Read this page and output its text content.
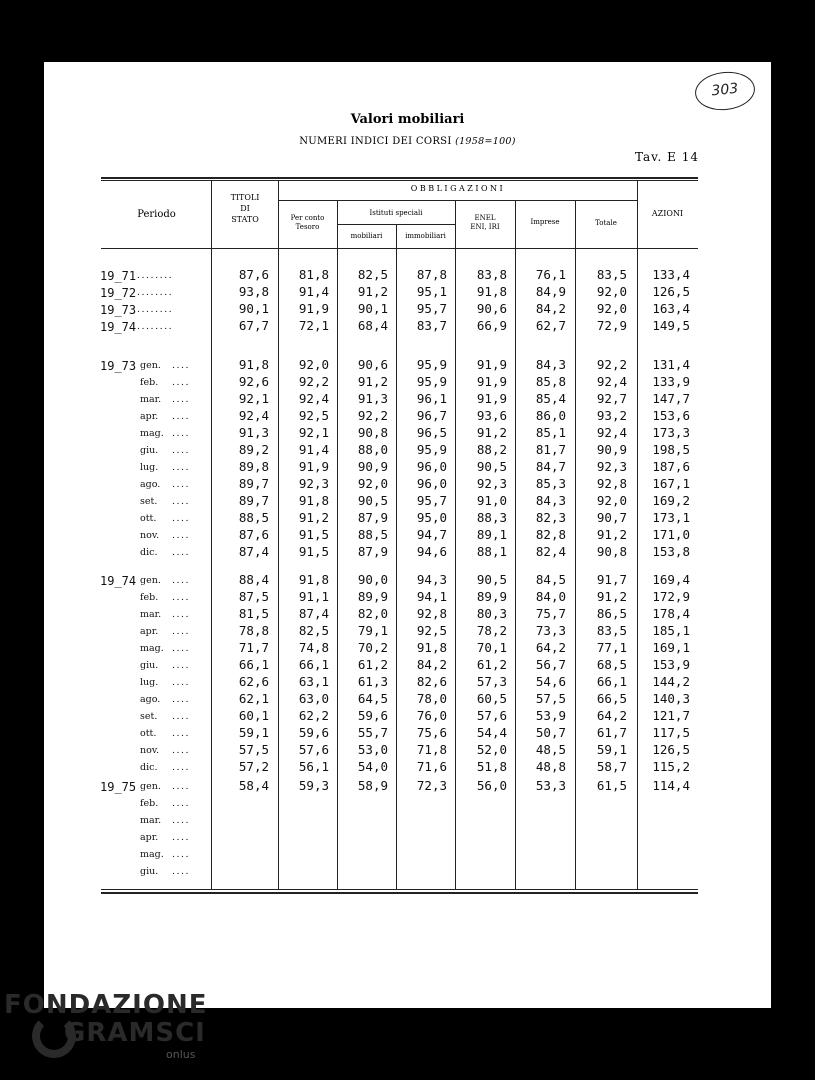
303
Valori mobiliari
NUMERI INDICI DEI CORSI (1958=100)
Tav. E 14
Periodo
TITOLI
DI
STATO
OBBLIGAZIONI
Per conto
Tesoro
Istituti speciali
mobiliari	immobiliari
ENEL
ENI, IRI
Imprese	Totale
AZIONI
19_71 ........	87,6	81,8	82,5	87,8	83,8	76,1	83,5	133,4
19_72 ........	93,8	91,4	91,2	95,1	91,8	84,9	92,0	126,5
19_73 ........	90,1	91,9	90,1	95,7	90,6	84,2	92,0	163,4
19_74 ........	67,7	72,1	68,4	83,7	66,9	62,7	72,9	149,5
19_73 gen. ....	91,8	92,0	90,6	95,9	91,9	84,3	92,2	131,4
feb. ....	92,6	92,2	91,2	95,9	91,9	85,8	92,4	133,9
mar. ....	92,1	92,4	91,3	96,1	91,9	85,4	92,7	147,7
apr. ....	92,4	92,5	92,2	96,7	93,6	86,0	93,2	153,6
mag. ....	91,3	92,1	90,8	96,5	91,2	85,1	92,4	173,3
giu. ....	89,2	91,4	88,0	95,9	88,2	81,7	90,9	198,5
lug. ....	89,8	91,9	90,9	96,0	90,5	84,7	92,3	187,6
ago. ....	89,7	92,3	92,0	96,0	92,3	85,3	92,8	167,1
set. ....	89,7	91,8	90,5	95,7	91,0	84,3	92,0	169,2
ott. ....	88,5	91,2	87,9	95,0	88,3	82,3	90,7	173,1
nov. ....	87,6	91,5	88,5	94,7	89,1	82,8	91,2	171,0
dic. ....	87,4	91,5	87,9	94,6	88,1	82,4	90,8	153,8
19_74 gen. ....	88,4	91,8	90,0	94,3	90,5	84,5	91,7	169,4
feb. ....	87,5	91,1	89,9	94,1	89,9	84,0	91,2	172,9
mar. ....	81,5	87,4	82,0	92,8	80,3	75,7	86,5	178,4
apr. ....	78,8	82,5	79,1	92,5	78,2	73,3	83,5	185,1
mag. ....	71,7	74,8	70,2	91,8	70,1	64,2	77,1	169,1
giu. ....	66,1	66,1	61,2	84,2	61,2	56,7	68,5	153,9
lug. ....	62,6	63,1	61,3	82,6	57,3	54,6	66,1	144,2
ago. ....	62,1	63,0	64,5	78,0	60,5	57,5	66,5	140,3
set. ....	60,1	62,2	59,6	76,0	57,6	53,9	64,2	121,7
ott. ....	59,1	59,6	55,7	75,6	54,4	50,7	61,7	117,5
nov. ....	57,5	57,6	53,0	71,8	52,0	48,5	59,1	126,5
dic. ....	57,2	56,1	54,0	71,6	51,8	48,8	58,7	115,2
19_75 gen. ....	58,4	59,3	58,9	72,3	56,0	53,3	61,5	114,4
feb. ....
mar. ....
apr. ....
mag. ....
giu. ....
FONDAZIONE
GRAMSCI
onlus
